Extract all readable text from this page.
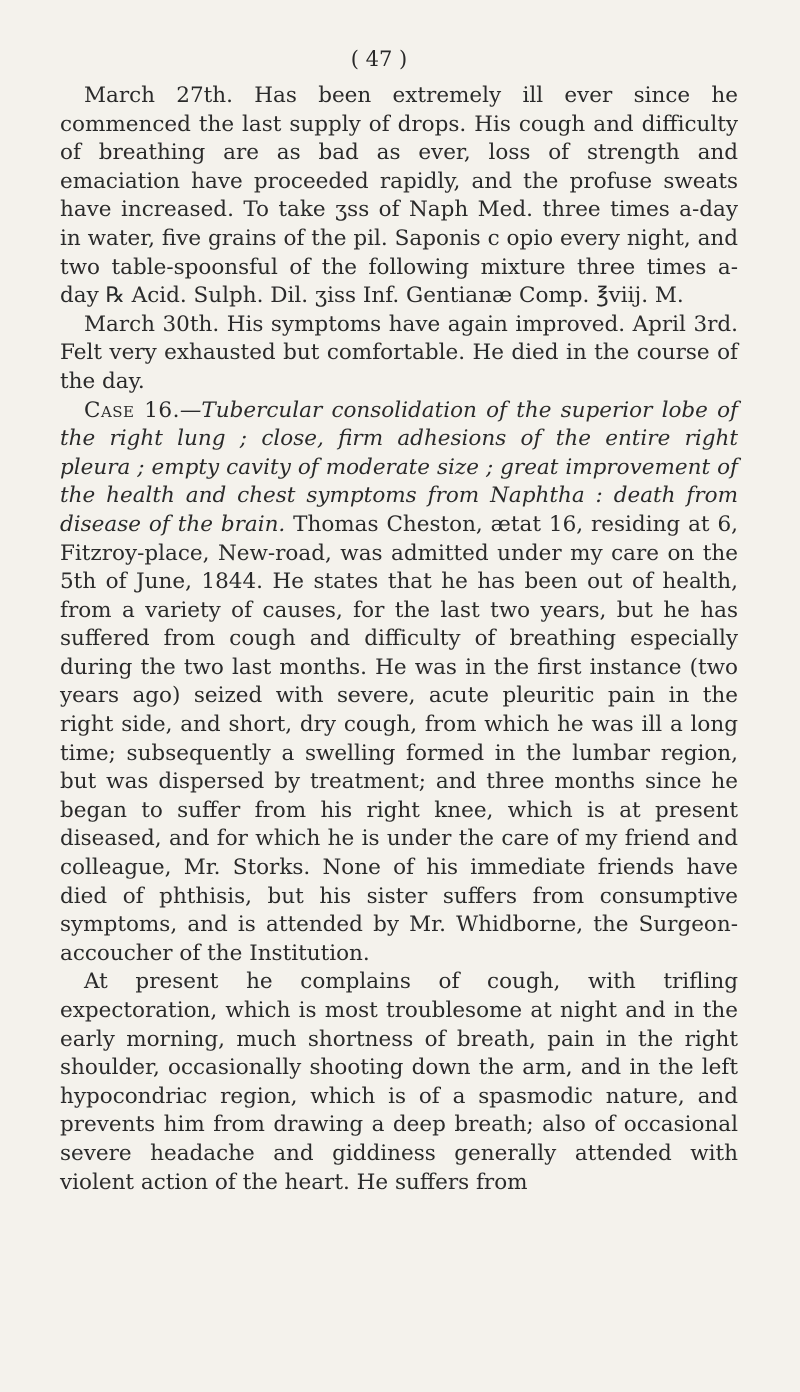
( 47 )

March 27th. Has been extremely ill ever since he commenced the last supply of drops. His cough and difficulty of breathing are as bad as ever, loss of strength and emaciation have proceeded rapidly, and the profuse sweats have increased. To take ʒss of Naph Med. three times a-day in water, five grains of the pil. Saponis c opio every night, and two table-spoonsful of the following mixture three times a-day ℞ Acid. Sulph. Dil. ʒiss Inf. Gentianæ Comp. ℥viij. M.

March 30th. His symptoms have again improved. April 3rd. Felt very exhausted but comfortable. He died in the course of the day.

Case 16.—Tubercular consolidation of the superior lobe of the right lung ; close, firm adhesions of the entire right pleura ; empty cavity of moderate size ; great improvement of the health and chest symptoms from Naphtha : death from disease of the brain. Thomas Cheston, ætat 16, residing at 6, Fitzroy-place, New-road, was admitted under my care on the 5th of June, 1844. He states that he has been out of health, from a variety of causes, for the last two years, but he has suffered from cough and difficulty of breathing especially during the two last months. He was in the first instance (two years ago) seized with severe, acute pleuritic pain in the right side, and short, dry cough, from which he was ill a long time; subsequently a swelling formed in the lumbar region, but was dispersed by treatment; and three months since he began to suffer from his right knee, which is at present diseased, and for which he is under the care of my friend and colleague, Mr. Storks. None of his immediate friends have died of phthisis, but his sister suffers from consumptive symptoms, and is attended by Mr. Whidborne, the Surgeon-accoucher of the Institution.

At present he complains of cough, with trifling expectoration, which is most troublesome at night and in the early morning, much shortness of breath, pain in the right shoulder, occasionally shooting down the arm, and in the left hypocondriac region, which is of a spasmodic nature, and prevents him from drawing a deep breath; also of occasional severe headache and giddiness generally attended with violent action of the heart. He suffers from
